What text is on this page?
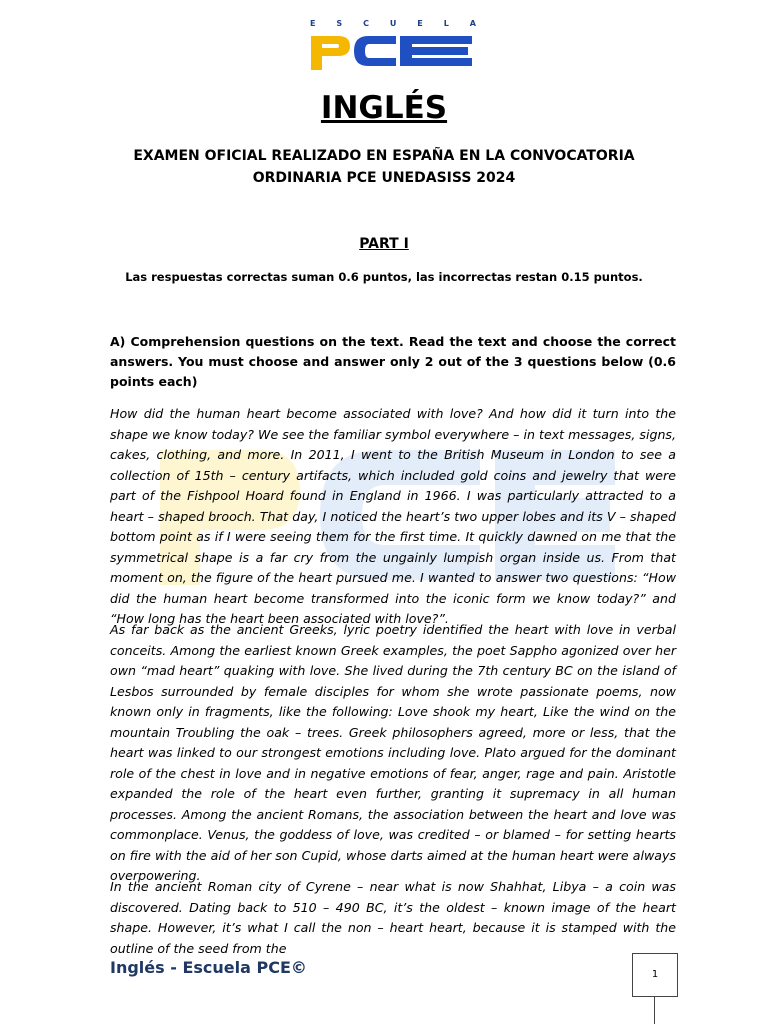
E	S	C	U	E	L	A
INGLÉS
EXAMEN OFICIAL REALIZADO EN ESPAÑA EN LA CONVOCATORIA ORDINARIA PCE UNEDASISS 2024
PART I
Las respuestas correctas suman 0.6 puntos, las incorrectas restan 0.15 puntos.
A) Comprehension questions on the text. Read the text and choose the correct answers. You must choose and answer only 2 out of the 3 questions below (0.6 points each)

How did the human heart become associated with love? And how did it turn into the shape we know today? We see the familiar symbol everywhere – in text messages, signs, cakes, clothing, and more. In 2011, I went to the British Museum in London to see a collection of 15th – century artifacts, which included gold coins and jewelry that were part of the Fishpool Hoard found in England in 1966. I was particularly attracted to a heart – shaped brooch. That day, I noticed the heart’s two upper lobes and its V – shaped bottom point as if I were seeing them for the first time. It quickly dawned on me that the symmetrical shape is a far cry from the ungainly lumpish organ inside us. From that moment on, the figure of the heart pursued me. I wanted to answer two questions: “How did the human heart become transformed into the iconic form we know today?” and “How long has the heart been associated with love?”.

As far back as the ancient Greeks, lyric poetry identified the heart with love in verbal conceits. Among the earliest known Greek examples, the poet Sappho agonized over her own “mad heart” quaking with love. She lived during the 7th century BC on the island of Lesbos surrounded by female disciples for whom she wrote passionate poems, now known only in fragments, like the following: Love shook my heart, Like the wind on the mountain Troubling the oak – trees. Greek philosophers agreed, more or less, that the heart was linked to our strongest emotions including love. Plato argued for the dominant role of the chest in love and in negative emotions of fear, anger, rage and pain. Aristotle expanded the role of the heart even further, granting it supremacy in all human processes. Among the ancient Romans, the association between the heart and love was commonplace. Venus, the goddess of love, was credited – or blamed – for setting hearts on fire with the aid of her son Cupid, whose darts aimed at the human heart were always overpowering.

In the ancient Roman city of Cyrene – near what is now Shahhat, Libya – a coin was discovered. Dating back to 510 – 490 BC, it’s the oldest – known image of the heart shape. However, it’s what I call the non – heart heart, because it is stamped with the outline of the seed from the

Inglés - Escuela PCE©	1
